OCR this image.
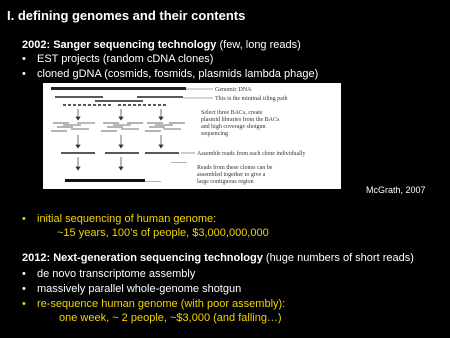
I. defining genomes and their contents
2002: Sanger sequencing technology (few, long reads)
• EST projects (random cDNA clones)
• cloned gDNA (cosmids, fosmids, plasmids lambda phage)
Genomic DNA
This is the minimal tiling path
Select three BACs, create
plasmid libraries from the BACs
and high coverage shotgun
sequencing
Assemble reads from each clone individually
........
........
Reads from these clones can be
assembled together to give a
large contiguous region
McGrath, 2007
• initial sequencing of human genome:
~15 years, 100’s of people, $3,000,000,000
2012: Next-generation sequencing technology (huge numbers of short reads)
• de novo transcriptome assembly
• massively parallel whole-genome shotgun
• re-sequence human genome (with poor assembly):
one week, ~ 2 people, ~$3,000 (and falling…)
